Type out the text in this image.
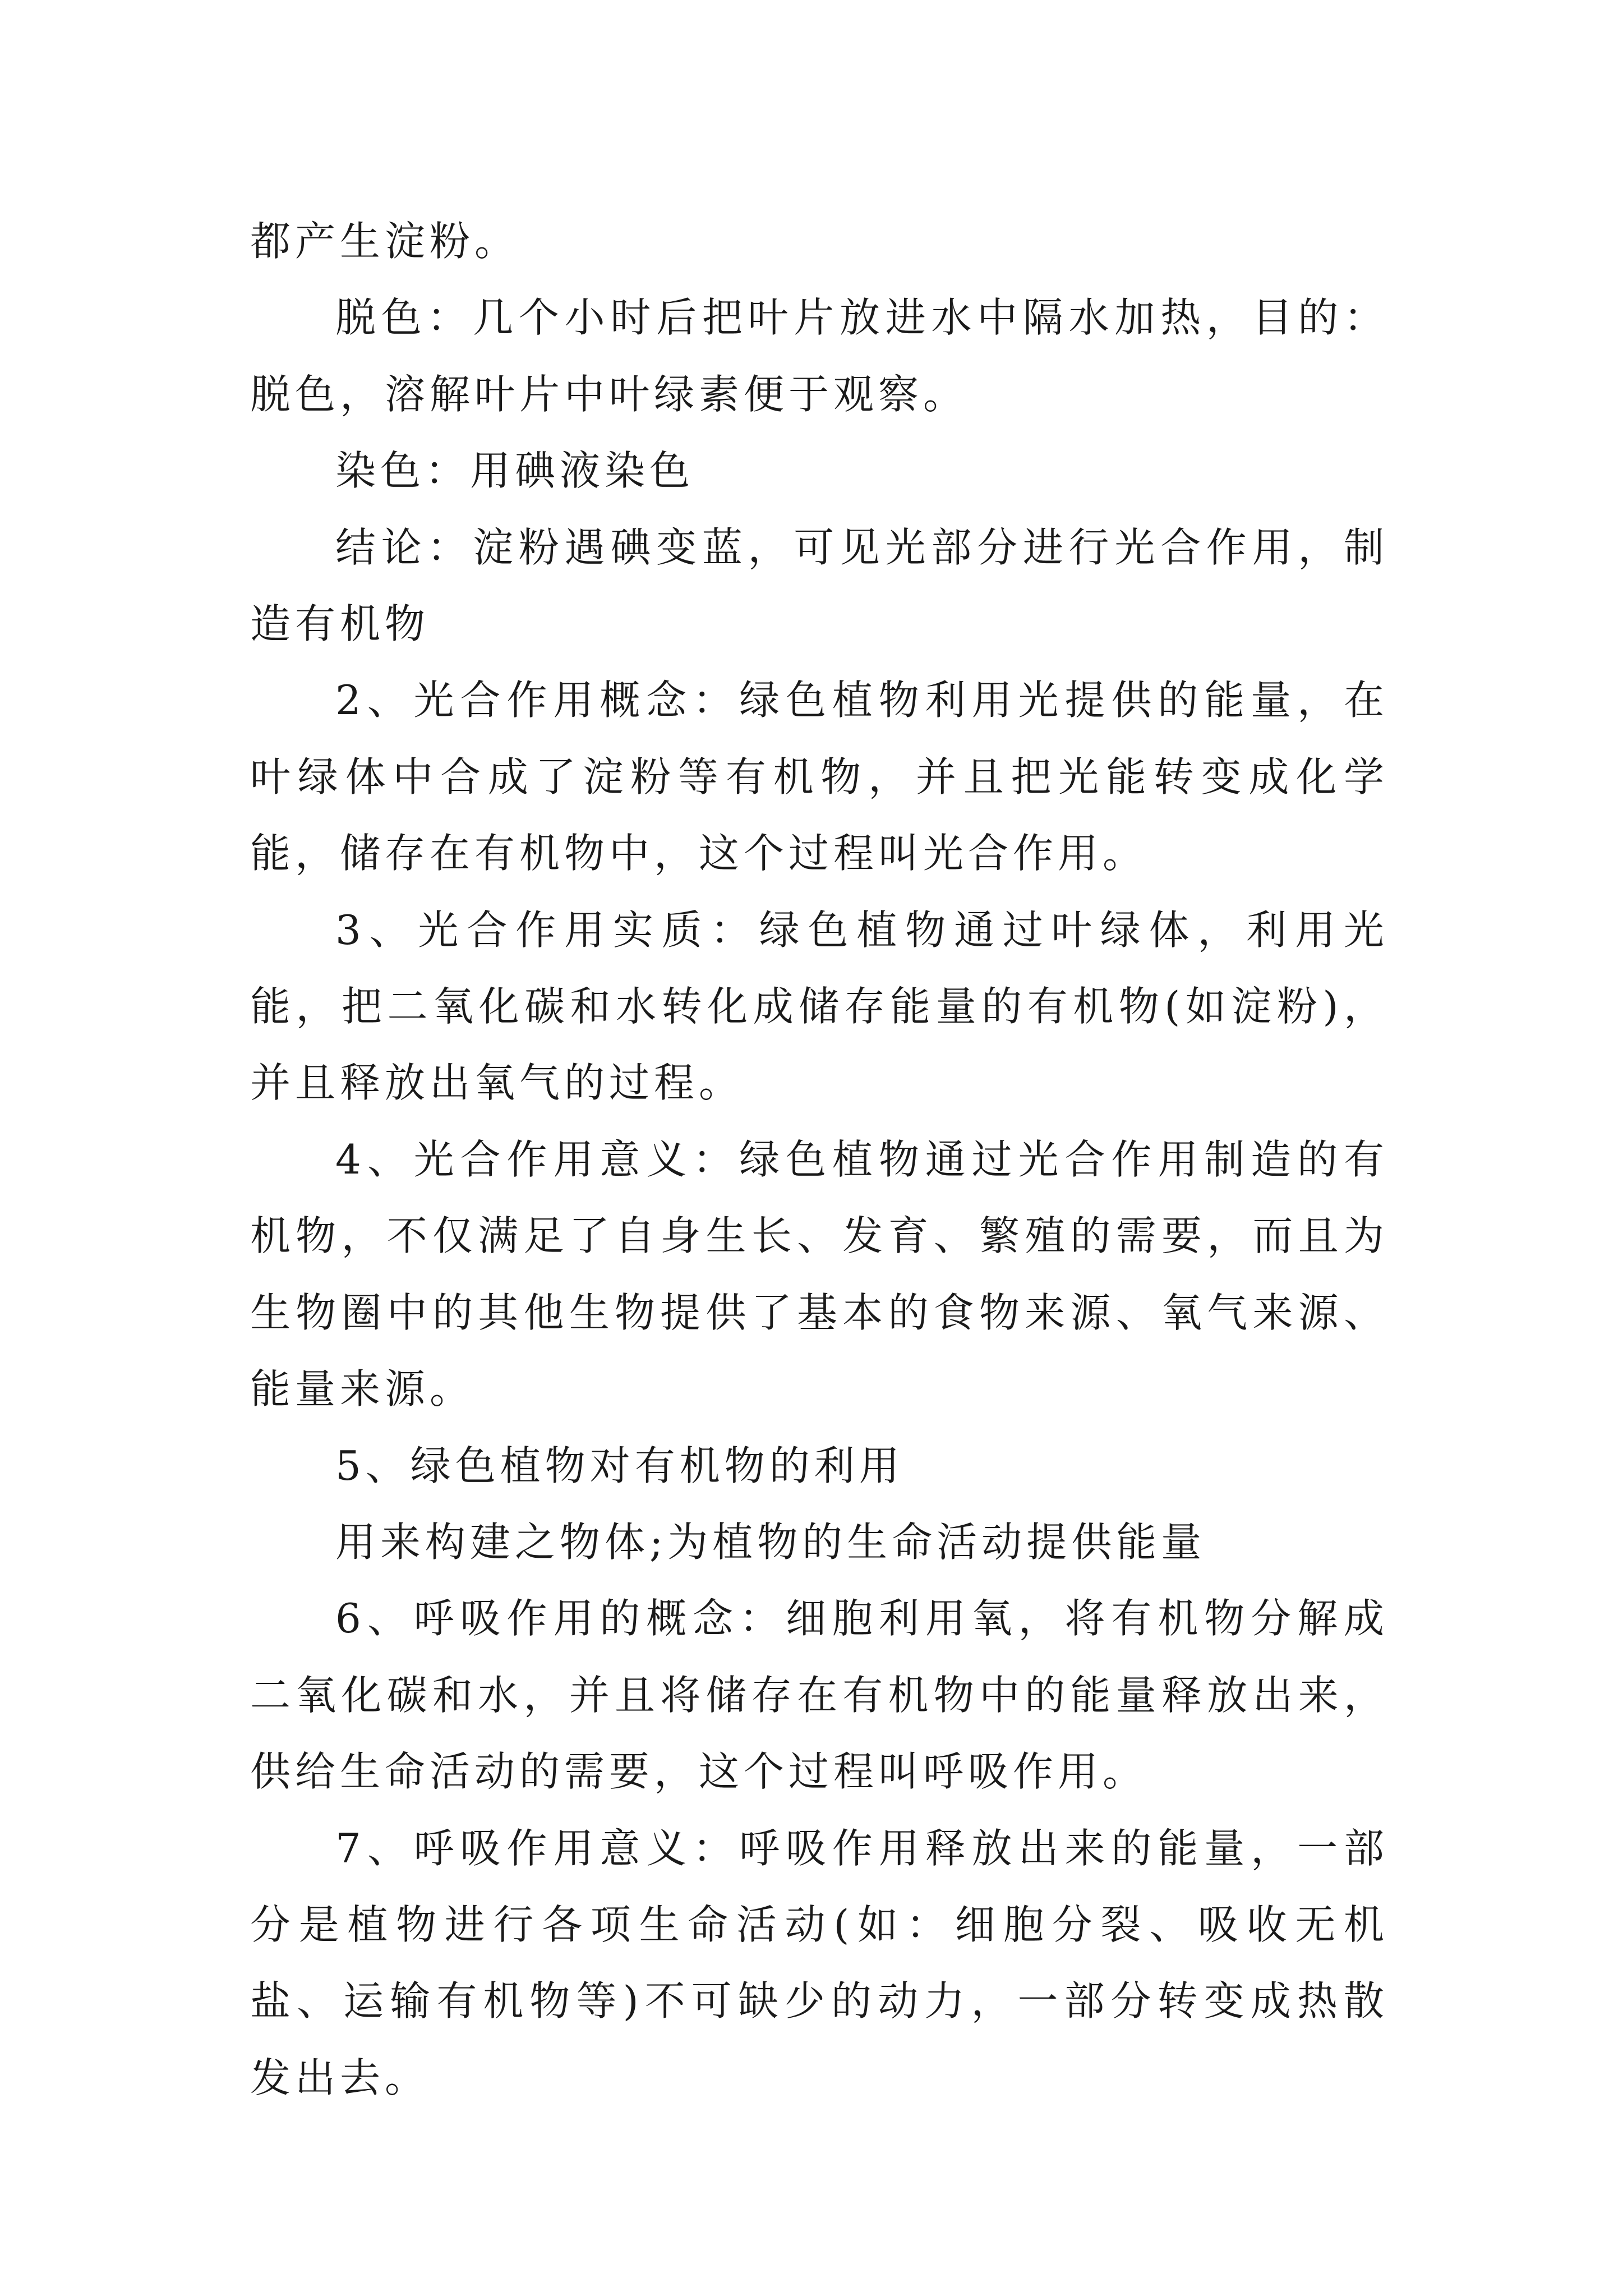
都产生淀粉。

脱色：几个小时后把叶片放进水中隔水加热，目的：脱色，溶解叶片中叶绿素便于观察。

染色：用碘液染色

结论：淀粉遇碘变蓝，可见光部分进行光合作用，制造有机物

2、光合作用概念：绿色植物利用光提供的能量，在叶绿体中合成了淀粉等有机物，并且把光能转变成化学能，储存在有机物中，这个过程叫光合作用。

3、光合作用实质：绿色植物通过叶绿体，利用光能，把二氧化碳和水转化成储存能量的有机物(如淀粉)，并且释放出氧气的过程。

4、光合作用意义：绿色植物通过光合作用制造的有机物，不仅满足了自身生长、发育、繁殖的需要，而且为生物圈中的其他生物提供了基本的食物来源、氧气来源、能量来源。

5、绿色植物对有机物的利用

用来构建之物体;为植物的生命活动提供能量

6、呼吸作用的概念：细胞利用氧，将有机物分解成二氧化碳和水，并且将储存在有机物中的能量释放出来，供给生命活动的需要，这个过程叫呼吸作用。

7、呼吸作用意义：呼吸作用释放出来的能量，一部分是植物进行各项生命活动(如：细胞分裂、吸收无机盐、运输有机物等)不可缺少的动力，一部分转变成热散发出去。
